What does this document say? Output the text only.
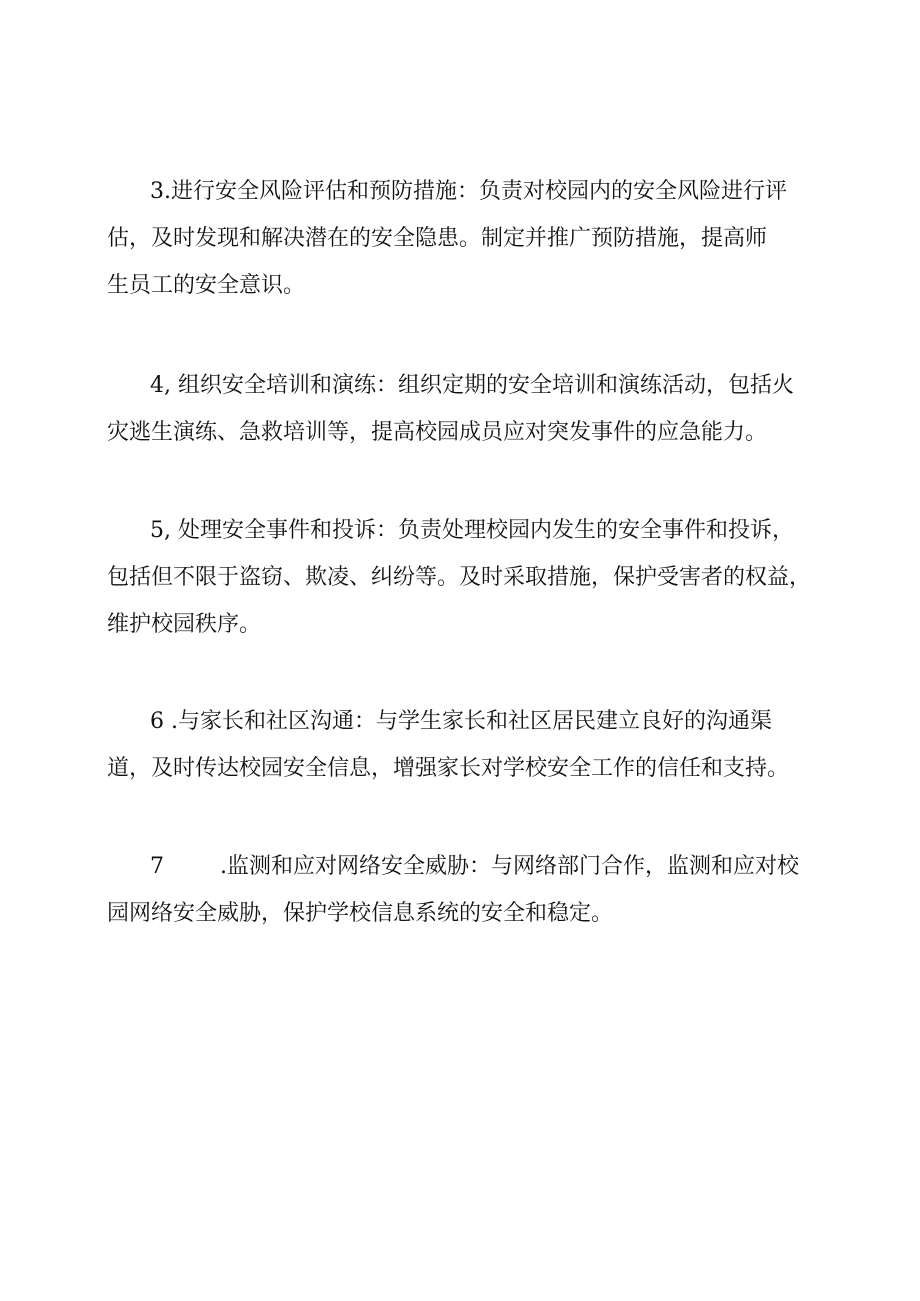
3.进行安全风险评估和预防措施：负责对校园内的安全风险进行评
估，及时发现和解决潜在的安全隐患。制定并推广预防措施，提高师
生员工的安全意识。
4, 组织安全培训和演练：组织定期的安全培训和演练活动，包括火
灾逃生演练、急救培训等，提高校园成员应对突发事件的应急能力。
5, 处理安全事件和投诉：负责处理校园内发生的安全事件和投诉，
包括但不限于盗窃、欺凌、纠纷等。及时采取措施，保护受害者的权益，
维护校园秩序。
6 .与家长和社区沟通：与学生家长和社区居民建立良好的沟通渠
道，及时传达校园安全信息，增强家长对学校安全工作的信任和支持。
7	.监测和应对网络安全威胁：与网络部门合作，监测和应对校
园网络安全威胁，保护学校信息系统的安全和稳定。
